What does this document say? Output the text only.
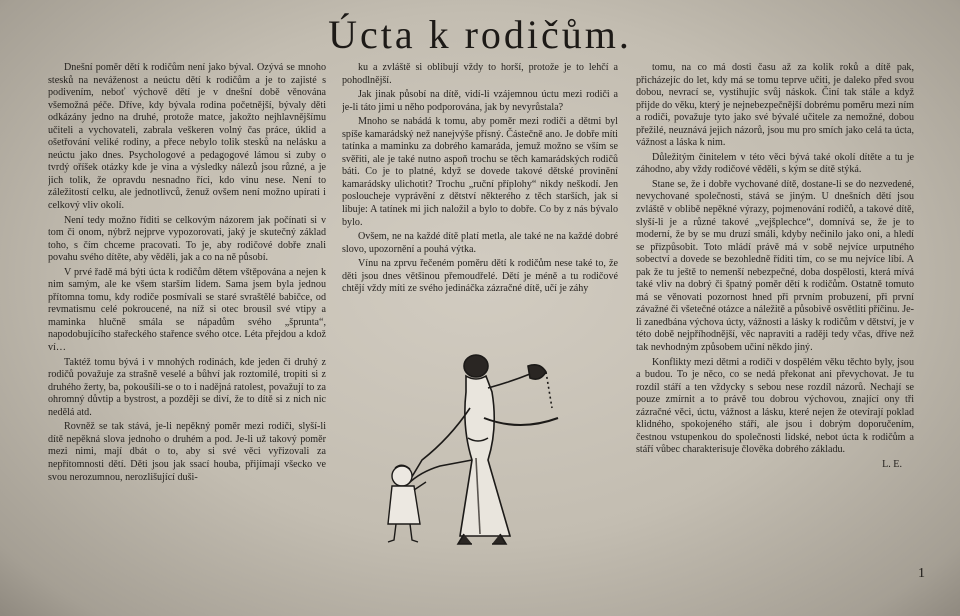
Úcta k rodičům.

Dnešní poměr dětí k rodičům není jako býval. Ozývá se mnoho stesků na neváženost a neúctu dětí k rodičům a je to zajisté s podivením, neboť výchově dětí je v dnešní době věnována všemožná péče. Dříve, kdy bývala rodina početnější, bývaly děti odkázány jedno na druhé, protože matce, jakožto nejhlavnějšímu učiteli a vychovateli, zabrala veškeren volný čas práce, úklid a ošetřování veliké rodiny, a přece nebylo tolik stesků na nelásku a neúctu jako dnes. Psychologové a pedagogové lámou si zuby o tvrdý oříšek otázky kde je vina a výsledky nálezů jsou různé, a je jich tolik, že opravdu nesnadno říci, kdo vinu nese. Není to záležitostí celku, ale jednotlivců, ženuž ovšem není možno upírati i celkový vliv okolí.

Není tedy možno říditi se celkovým názorem jak počínati si v tom či onom, nýbrž nejprve vypozorovati, jaký je skutečný základ toho, s čím chceme pracovati. To je, aby rodičové dobře znali povahu svého dítěte, aby věděli, jak a co na ně působí.

V prvé řadě má býti úcta k rodičům dětem vštěpována a nejen k nim samým, ale ke všem starším lidem. Sama jsem byla jednou přítomna tomu, kdy rodiče posmívali se staré svraštělé babičce, od revmatismu celé pokroucené, na níž si otec brousil své vtipy a maminka hlučně smála se nápadům svého „šprunta“, napodobujícího stařeckého stařence svého otce. Léta přejdou a kdož ví…

Taktéž tomu bývá i v mnohých rodinách, kde jeden či druhý z rodičů považuje za strašně veselé a bůhví jak roztomilé, tropiti si z druhého žerty, ba, pokoušíli-se o to i nadějná ratolest, považují to za ohromný důvtip a bystrost, a později se diví, že to dítě si z nich nic nedělá atd.

Rovněž se tak stává, je-li nepěkný poměr mezi rodiči, slyší-li dítě nepěkná slova jednoho o druhém a pod. Je-li už takový poměr mezi nimi, mají dbát o to, aby si své věci vyřizovali za nepřítomnosti dětí. Děti jsou jak ssací houba, přijímají všecko ve svou nerozumnou, nerozlišující duši-

ku a zvláště si oblibují vždy to horší, protože je to lehčí a pohodlnější.

Jak jinak působí na dítě, vidí-li vzájemnou úctu mezi rodiči a je-li táto jimi u něho podporována, jak by nevyrůstala?

Mnoho se nabádá k tomu, aby poměr mezi rodiči a dětmi byl spíše kamarádský než nanejvýše přísný. Částečně ano. Je dobře míti tatínka a maminku za dobrého kamaráda, jemuž možno se vším se svěřiti, ale je také nutno aspoň trochu se těch kamarádských rodičů báti. Co je to platné, když se dovede takové dětské provinění kamarádsky ulichotit? Trochu „ruční příplohy“ nikdy neškodí. Jen posloucheje vyprávění z dětství některého z těch starších, jak si libuje: A tatínek mi jich naložil a bylo to dobře. Co by z nás bývalo bylo.

Ovšem, ne na každé dítě platí metla, ale také ne na každé dobré slovo, upozornění a pouhá výtka.

Vínu na zprvu řečeném poměru dětí k rodičům nese také to, že děti jsou dnes většinou přemoudřelé. Dětí je méně a tu rodičové chtějí vždy míti ze svého jedináčka zázračné dítě, učí je záhy

tomu, na co má dosti času až za kolik roků a dítě pak, přicházejíc do let, kdy má se tomu teprve učiti, je daleko před svou dobou, nevrací se, vystihujíc svůj náskok. Činí tak stále a když přijde do věku, který je nejnebezpečnější dobrému poměru mezi ním a rodiči, považuje tyto jako své bývalé učitele za nemožné, dobou přežilé, neuznává jejich názorů, jsou mu pro smích jako celá ta úcta, vážnost a láska k nim.

Důležitým činitelem v této věci bývá také okolí dítěte a tu je záhodno, aby vždy rodičové věděli, s kým se dítě stýká.

Stane se, že i dobře vychované dítě, dostane-li se do nezvedené, nevychované společnosti, stává se jiným. U dnešních dětí jsou zvláště v oblibě nepěkné výrazy, pojmenování rodičů, a takové dítě, slyší-li je a různé takové „vejšplechce“, domnívá se, že je to moderní, že by se mu druzí smáli, kdyby nečinilo jako oni, a hledí se přizpůsobit. Toto mládí právě má v sobě nejvíce urputného sobectví a dovede se bezohledně říditi tím, co se mu nejvíce líbí. A pak že tu ještě to nemenší nebezpečné, doba dospělosti, která mívá také vliv na dobrý či špatný poměr dětí k rodičům. Ostatně tomuto má se věnovati pozornost hned při prvním probuzení, při první závažné či všetečné otázce a náležitě a působivě osvětliti příčinu. Je-li zanedbána výchova úcty, vážnosti a lásky k rodičům v dětství, je v této době nejpříhodnější, věc napraviti a raději tedy včas, dříve než tak nevhodným způsobem učiní někdo jiný.

Konflikty mezi dětmi a rodiči v dospělém věku těchto byly, jsou a budou. To je něco, co se nedá překonat ani převychovat. Je tu rozdíl stáří a ten vždycky s sebou nese rozdíl názorů. Nechají se pouze zmírnit a to právě tou dobrou výchovou, znající ony tři zázračné věci, úctu, vážnost a lásku, které nejen že otevírají poklad klidného, spokojeného stáří, ale jsou i dobrým doporučením, čestnou vstupenkou do společnosti lidské, nebot úcta k rodičům a stáří vůbec charakterisuje člověka dobrého základu.

L. E.

1
